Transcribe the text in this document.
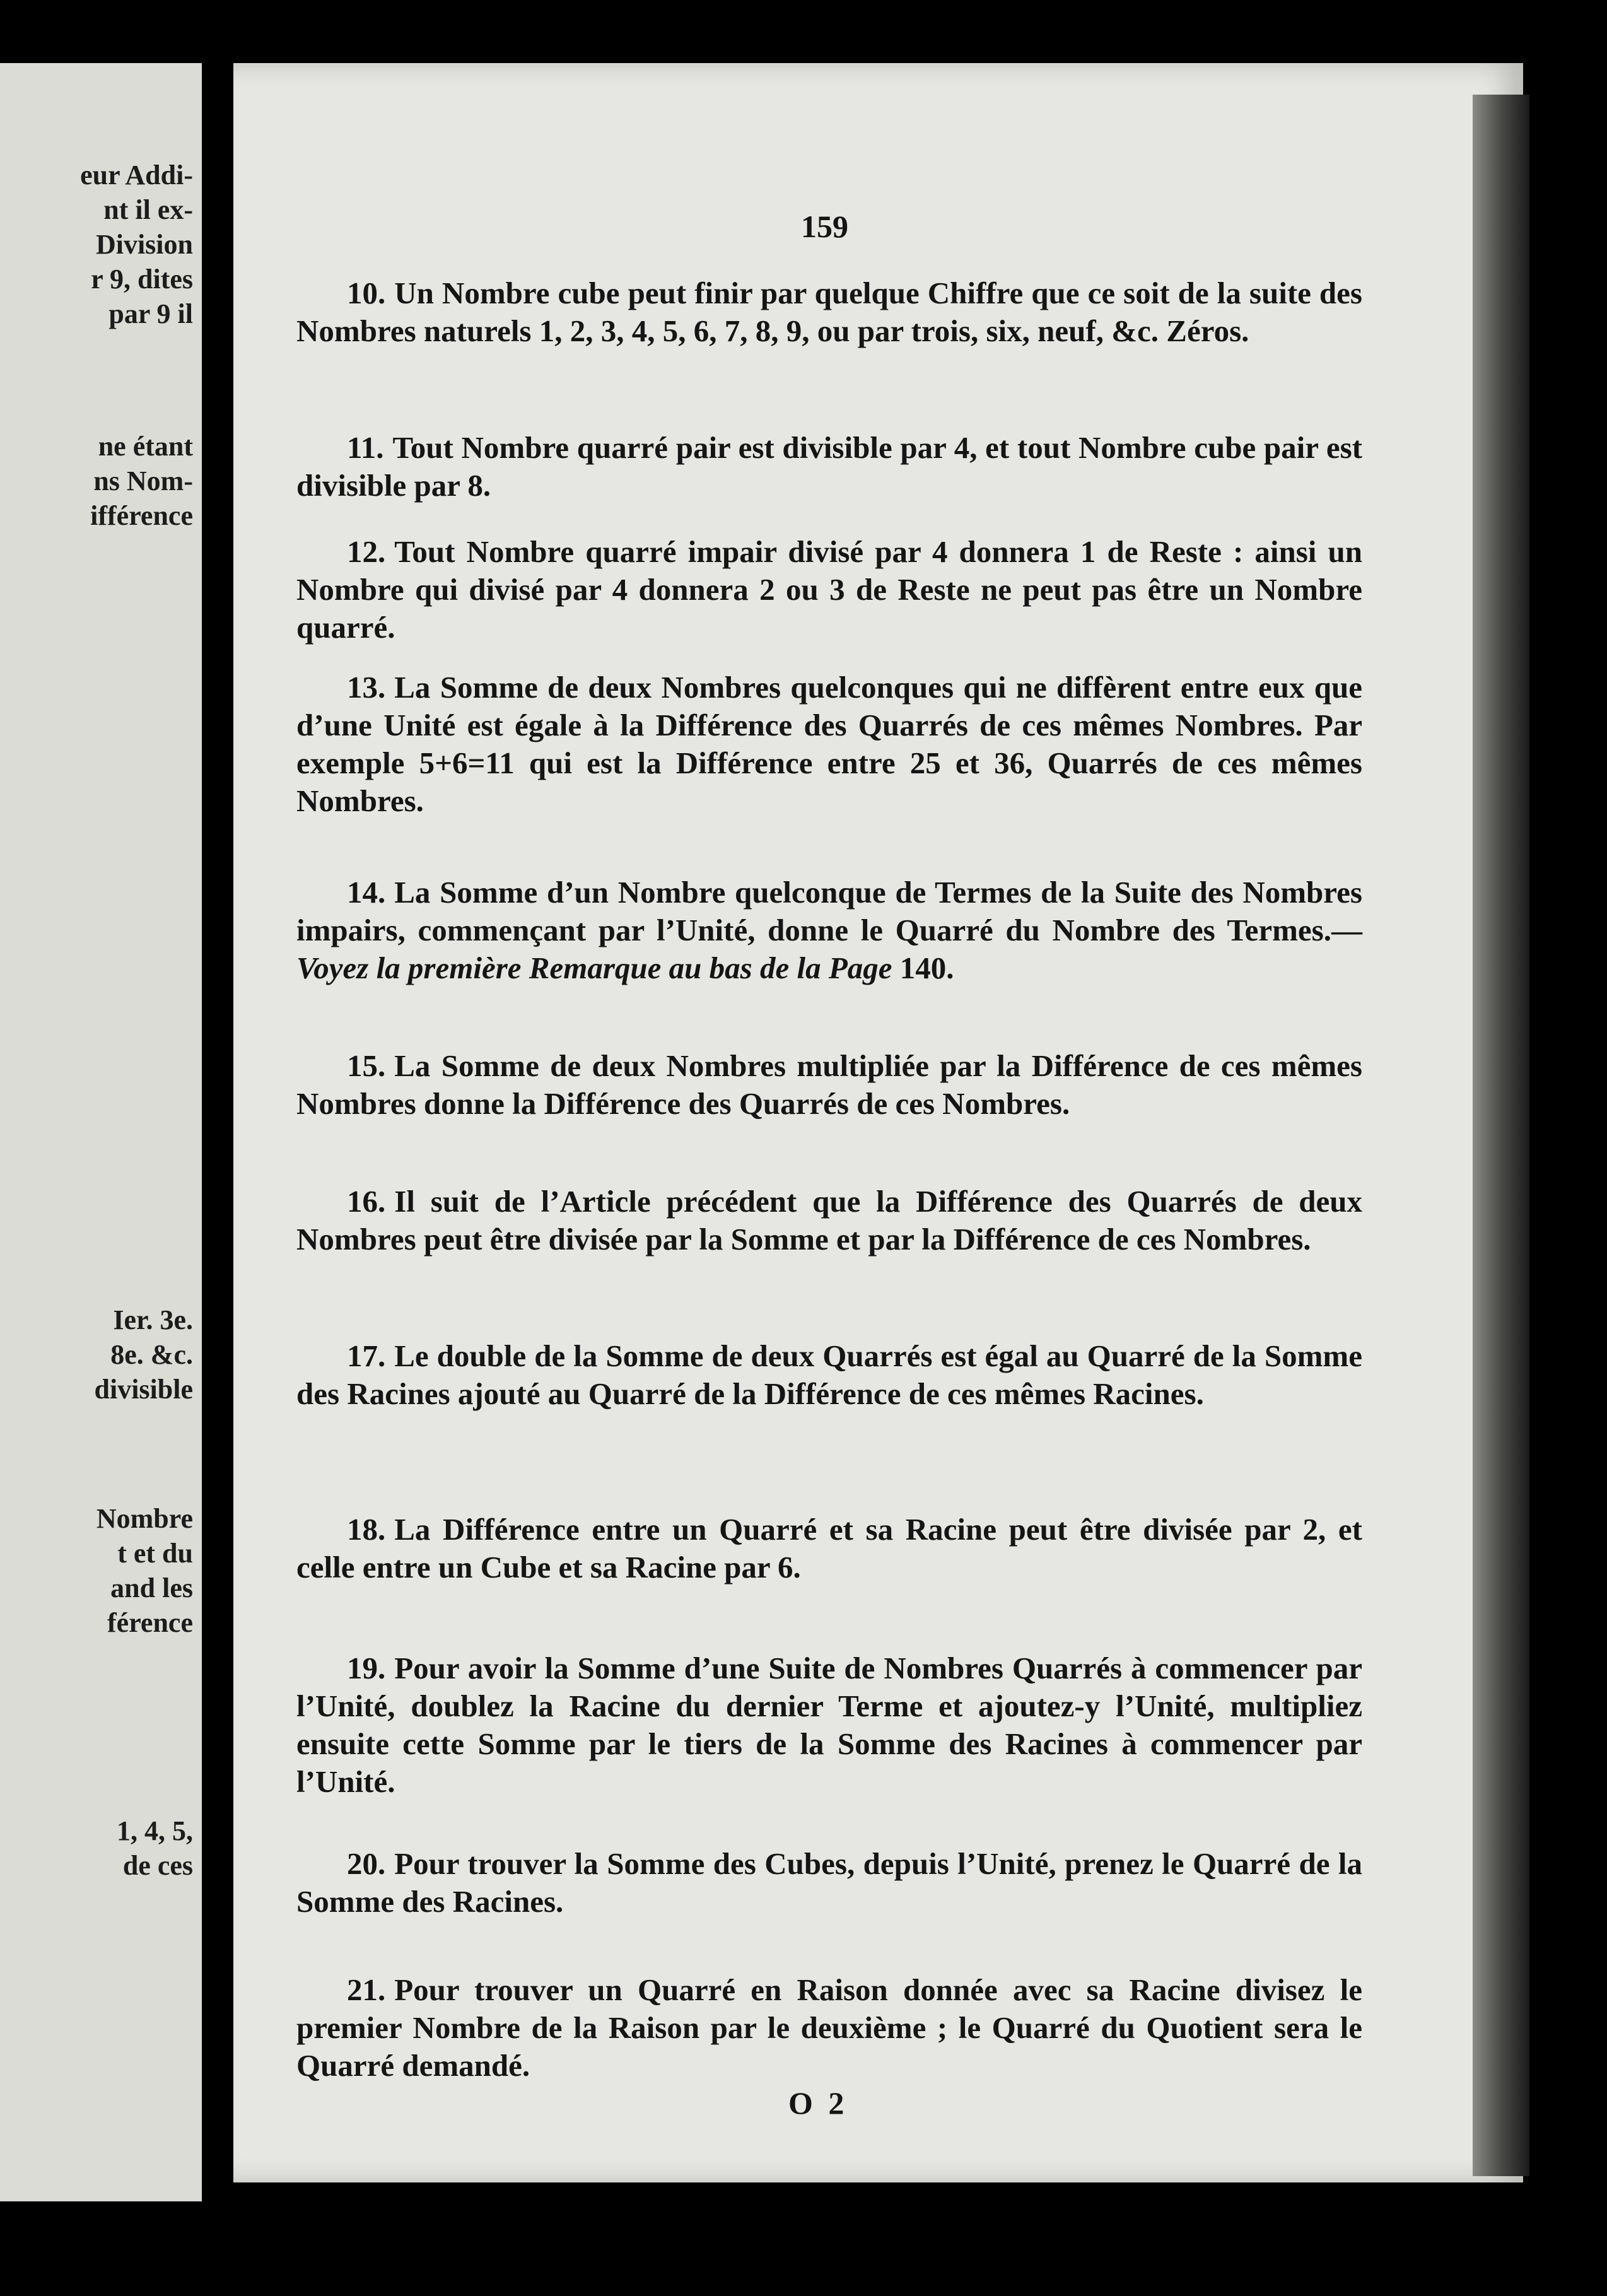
eur Addi-
nt il ex-
Division
r 9, dites
par 9 il
ne étant
ns Nom-
ifférence
Ier. 3e.
8e. &c.
divisible
Nombre
t et du
and les
férence
1, 4, 5,
de ces
159
10. Un Nombre cube peut finir par quelque Chiffre que ce soit de la suite des Nombres naturels 1, 2, 3, 4, 5, 6, 7, 8, 9, ou par trois, six, neuf, &c. Zéros.
11. Tout Nombre quarré pair est divisible par 4, et tout Nombre cube pair est divisible par 8.
12. Tout Nombre quarré impair divisé par 4 donnera 1 de Reste : ainsi un Nombre qui divisé par 4 donnera 2 ou 3 de Reste ne peut pas être un Nombre quarré.
13. La Somme de deux Nombres quelconques qui ne diffèrent entre eux que d’une Unité est égale à la Différence des Quarrés de ces mêmes Nombres. Par exemple 5+6=11 qui est la Différence entre 25 et 36, Quarrés de ces mêmes Nombres.
14. La Somme d’un Nombre quelconque de Termes de la Suite des Nombres impairs, commençant par l’Unité, donne le Quarré du Nombre des Termes.— Voyez la première Remarque au bas de la Page 140.
15. La Somme de deux Nombres multipliée par la Différence de ces mêmes Nombres donne la Différence des Quarrés de ces Nombres.
16. Il suit de l’Article précédent que la Différence des Quarrés de deux Nombres peut être divisée par la Somme et par la Différence de ces Nombres.
17. Le double de la Somme de deux Quarrés est égal au Quarré de la Somme des Racines ajouté au Quarré de la Différence de ces mêmes Racines.
18. La Différence entre un Quarré et sa Racine peut être divisée par 2, et celle entre un Cube et sa Racine par 6.
19. Pour avoir la Somme d’une Suite de Nombres Quarrés à commencer par l’Unité, doublez la Racine du dernier Terme et ajoutez-y l’Unité, multipliez ensuite cette Somme par le tiers de la Somme des Racines à commencer par l’Unité.
20. Pour trouver la Somme des Cubes, depuis l’Unité, prenez le Quarré de la Somme des Racines.
21. Pour trouver un Quarré en Raison donnée avec sa Racine divisez le premier Nombre de la Raison par le deuxième ; le Quarré du Quotient sera le Quarré demandé.
O 2
